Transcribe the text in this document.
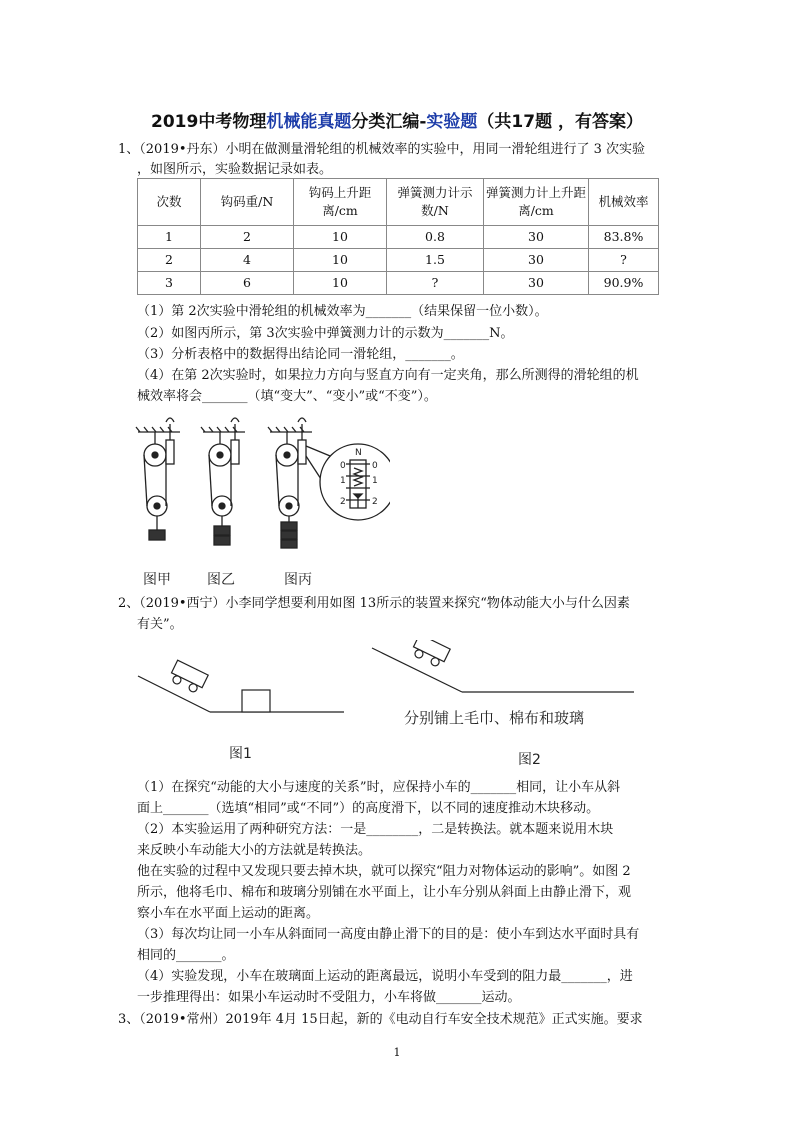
2019中考物理机械能真题分类汇编-实验题（共17题 ，有答案）
1、（2019•丹东）小明在做测量滑轮组的机械效率的实验中，用同一滑轮组进行了 3 次实验
，如图所示，实验数据记录如表。
次数	钩码重/N	钩码上升距离/cm	弹簧测力计示数/N	弹簧测力计上升距离/cm	机械效率
1	2	10	0.8	30	83.8%
2	4	10	1.5	30	?
3	6	10	?	30	90.9%
（1）第 2次实验中滑轮组的机械效率为_______（结果保留一位小数）。
（2）如图丙所示，第 3次实验中弹簧测力计的示数为_______N。
（3）分析表格中的数据得出结论同一滑轮组，_______。
（4）在第 2次实验时，如果拉力方向与竖直方向有一定夹角，那么所测得的滑轮组的机
械效率将会_______（填“变大”、“变小”或“不变”）。
N
0
1
2
0
1
2
图甲	图乙	图丙
2、（2019•西宁）小李同学想要利用如图 13所示的装置来探究“物体动能大小与什么因素
有关”。
分别铺上毛巾、棉布和玻璃
图1	图2
（1）在探究“动能的大小与速度的关系”时，应保持小车的_______相同，让小车从斜
面上_______（选填“相同”或“不同”）的高度滑下，以不同的速度推动木块移动。
（2）本实验运用了两种研究方法：一是________，二是转换法。就本题来说用木块
来反映小车动能大小的方法就是转换法。
他在实验的过程中又发现只要去掉木块，就可以探究“阻力对物体运动的影响”。如图 2
所示，他将毛巾、棉布和玻璃分别铺在水平面上，让小车分别从斜面上由静止滑下，观
察小车在水平面上运动的距离。
（3）每次均让同一小车从斜面同一高度由静止滑下的目的是：使小车到达水平面时具有
相同的_______。
（4）实验发现，小车在玻璃面上运动的距离最远，说明小车受到的阻力最_______，进
一步推理得出：如果小车运动时不受阻力，小车将做_______运动。
3、（2019•常州）2019年 4月 15日起，新的《电动自行车安全技术规范》正式实施。要求
1
